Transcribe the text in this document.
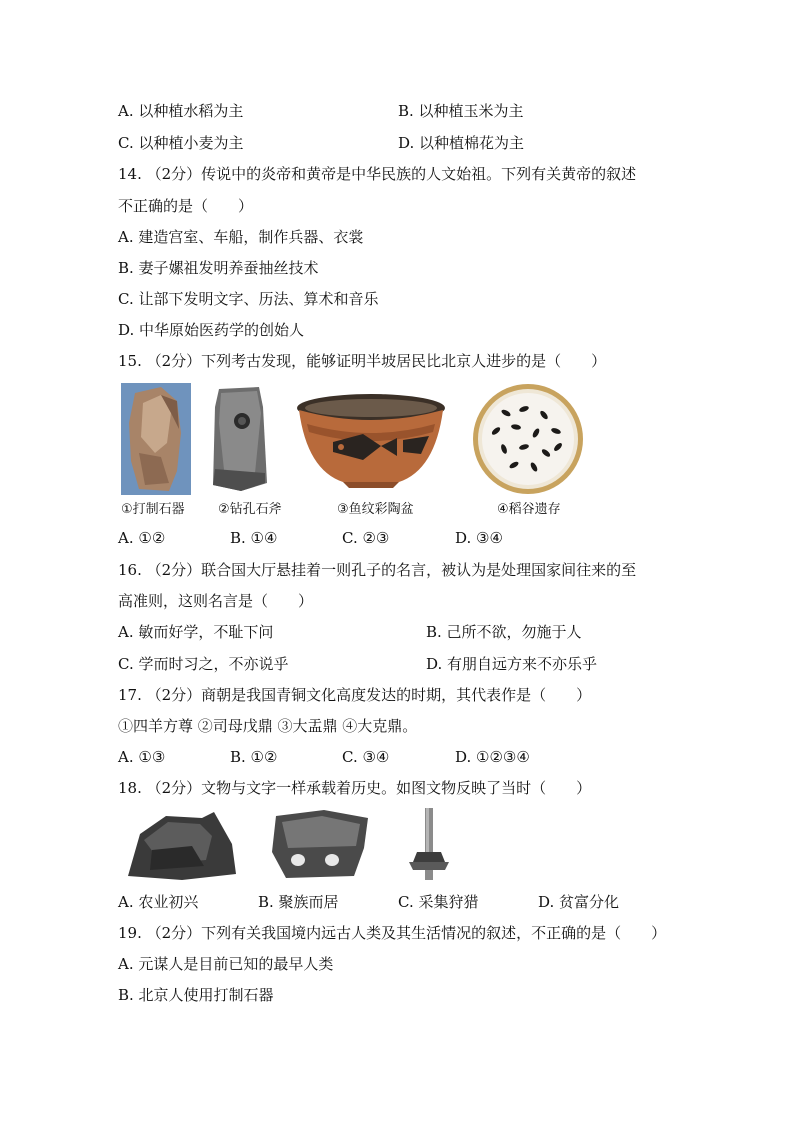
A. 以种植水稻为主	B. 以种植玉米为主
C. 以种植小麦为主	D. 以种植棉花为主
14. （2分）传说中的炎帝和黄帝是中华民族的人文始祖。下列有关黄帝的叙述
不正确的是（　　）
A. 建造宫室、车船，制作兵器、衣裳
B. 妻子嫘祖发明养蚕抽丝技术
C. 让部下发明文字、历法、算术和音乐
D. 中华原始医药学的创始人
15. （2分）下列考古发现，能够证明半坡居民比北京人进步的是（　　）
①打制石器	②钻孔石斧	③鱼纹彩陶盆	④稻谷遗存
A. ①②	B. ①④	C. ②③	D. ③④
16. （2分）联合国大厅悬挂着一则孔子的名言，被认为是处理国家间往来的至
高准则，这则名言是（　　）
A. 敏而好学，不耻下问	B. 己所不欲，勿施于人
C. 学而时习之，不亦说乎	D. 有朋自远方来不亦乐乎
17. （2分）商朝是我国青铜文化高度发达的时期，其代表作是（　　）
①四羊方尊 ②司母戊鼎 ③大盂鼎 ④大克鼎。
A. ①③	B. ①②	C. ③④	D. ①②③④
18. （2分）文物与文字一样承载着历史。如图文物反映了当时（　　）
A. 农业初兴	B. 聚族而居	C. 采集狩猎	D. 贫富分化
19. （2分）下列有关我国境内远古人类及其生活情况的叙述，不正确的是（　　）
A. 元谋人是目前已知的最早人类
B. 北京人使用打制石器
